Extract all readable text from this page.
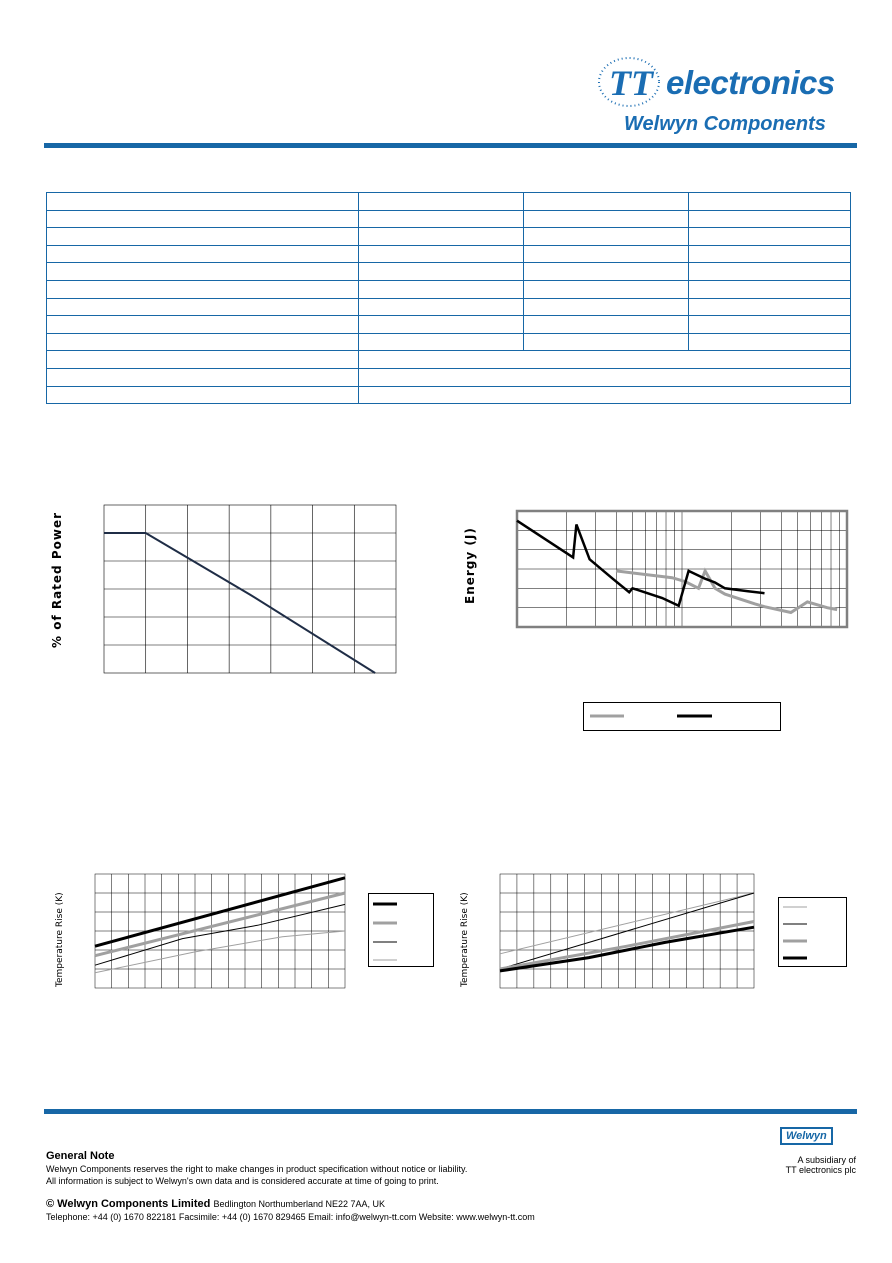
TT electronics
Welwyn Components

% of Rated Power	Energy (J)
Temperature Rise (K)	Temperature Rise (K)
General Note
Welwyn Components reserves the right to make changes in product specification without notice or liability.
All information is subject to Welwyn's own data and is considered accurate at time of going to print.
© Welwyn Components Limited Bedlington Northumberland NE22 7AA, UK
Telephone: +44 (0) 1670 822181 Facsimile: +44 (0) 1670 829465 Email: info@welwyn-tt.com Website: www.welwyn-tt.com
Welwyn
A subsidiary of
TT electronics plc
